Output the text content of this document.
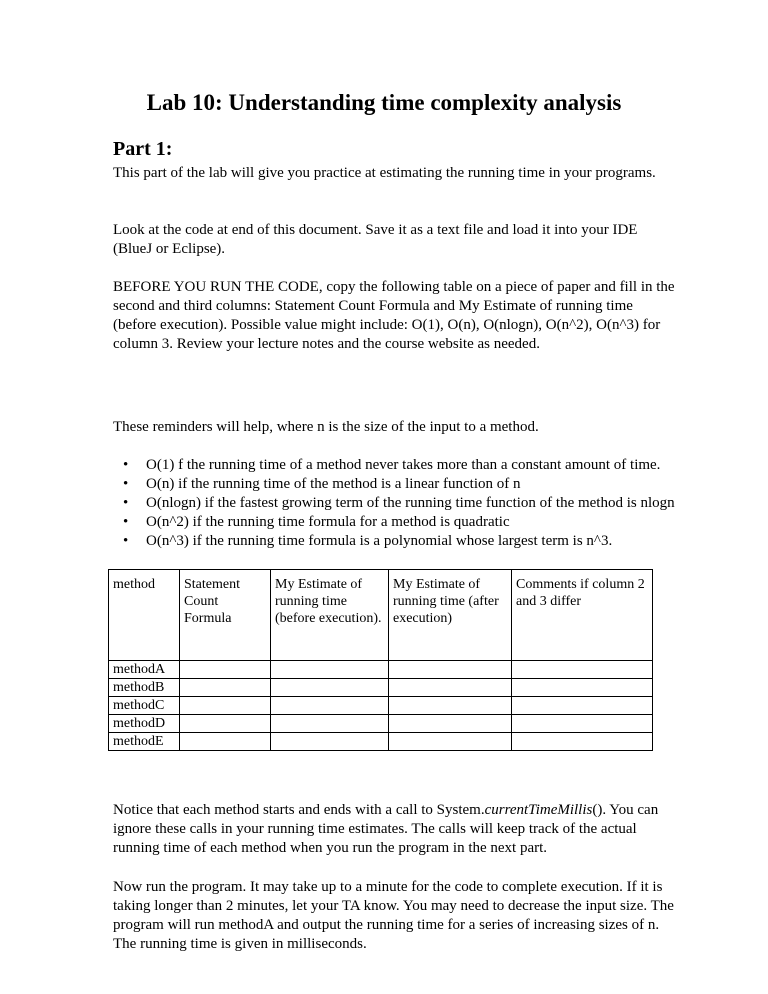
Lab 10: Understanding time complexity analysis
Part 1:

This part of the lab will give you practice at estimating the running time in your programs.

Look at the code at end of this document. Save it as a text file and load it into your IDE (BlueJ or Eclipse).

BEFORE YOU RUN THE CODE, copy the following table on a piece of paper and fill in the second and third columns: Statement Count Formula and My Estimate of running time (before execution). Possible value might include: O(1), O(n), O(nlogn), O(n^2), O(n^3) for column 3. Review your lecture notes and the course website as needed.

These reminders will help, where n is the size of the input to a method.

• O(1) f the running time of a method never takes more than a constant amount of time.
• O(n) if the running time of the method is a linear function of n
• O(nlogn) if the fastest growing term of the running time function of the method is nlogn
• O(n^2) if the running time formula for a method is quadratic
• O(n^3) if the running time formula is a polynomial whose largest term is n^3.
method	Statement Count Formula	My Estimate of running time (before execution).	My Estimate of running time (after execution)	Comments if column 2 and 3 differ
methodA				
methodB				
methodC				
methodD				
methodE				

Notice that each method starts and ends with a call to System.currentTimeMillis(). You can ignore these calls in your running time estimates. The calls will keep track of the actual running time of each method when you run the program in the next part.

Now run the program. It may take up to a minute for the code to complete execution. If it is taking longer than 2 minutes, let your TA know. You may need to decrease the input size. The program will run methodA and output the running time for a series of increasing sizes of n. The running time is given in milliseconds.
